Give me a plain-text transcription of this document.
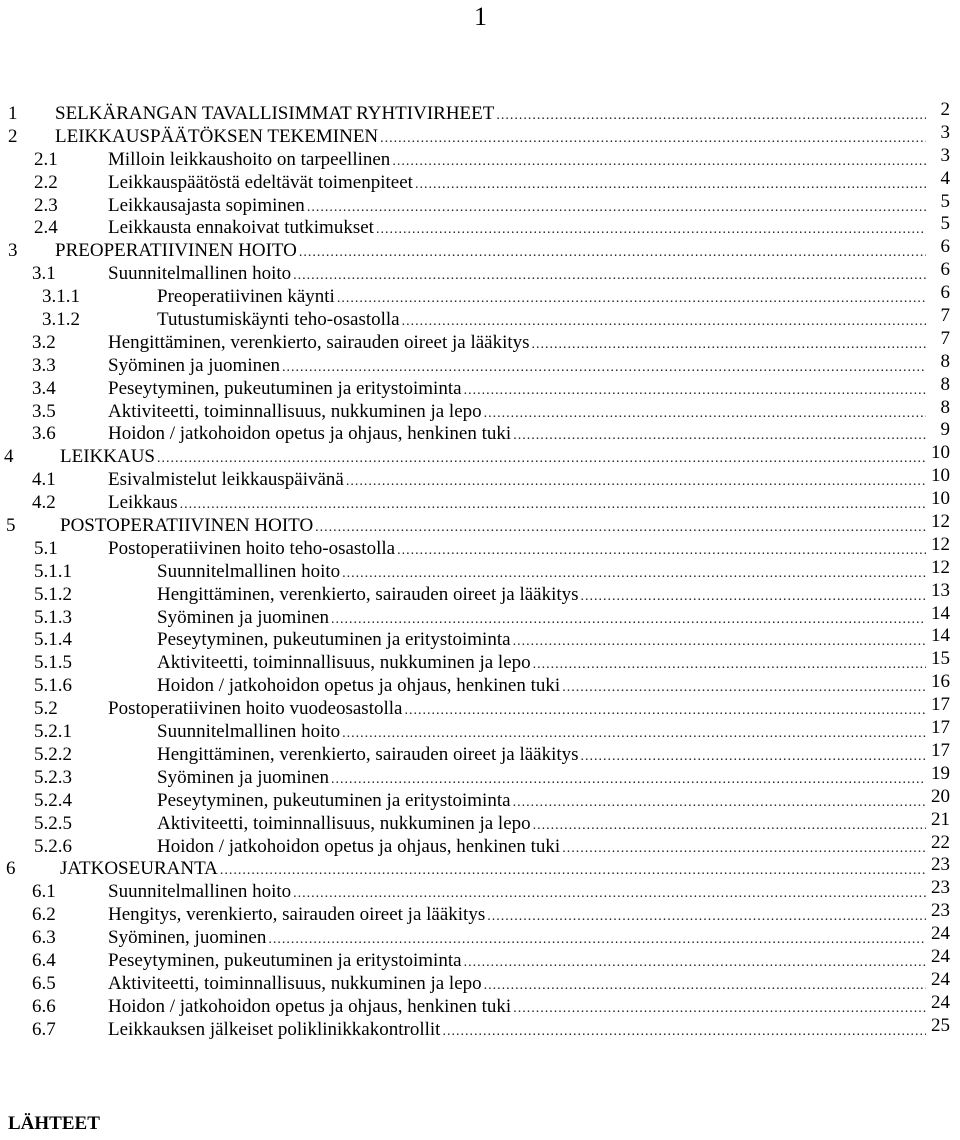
1
1 SELKÄRANGAN TAVALLISIMMAT RYHTIVIRHEET .....	2
2 LEIKKAUSPÄÄTÖKSEN TEKEMINEN .....	3
2.1	Milloin leikkaushoito on tarpeellinen .....	3
2.2	Leikkauspäätöstä edeltävät toimenpiteet .....	4
2.3	Leikkausajasta sopiminen .....	5
2.4	Leikkausta ennakoivat tutkimukset .....	5
3 PREOPERATIIVINEN HOITO .....	6
3.1	Suunnitelmallinen hoito .....	6
3.1.1	Preoperatiivinen käynti .....	6
3.1.2	Tutustumiskäynti teho-osastolla .....	7
3.2	Hengittäminen, verenkierto, sairauden oireet ja lääkitys .....	7
3.3	Syöminen ja juominen .....	8
3.4	Peseytyminen, pukeutuminen ja eritystoiminta .....	8
3.5	Aktiviteetti, toiminnallisuus, nukkuminen ja lepo .....	8
3.6	Hoidon / jatkohoidon opetus ja ohjaus, henkinen tuki .....	9
4 LEIKKAUS .....	10
4.1	Esivalmistelut leikkauspäivänä .....	10
4.2	Leikkaus .....	10
5 POSTOPERATIIVINEN HOITO .....	12
5.1	Postoperatiivinen hoito teho-osastolla .....	12
5.1.1	Suunnitelmallinen hoito .....	12
5.1.2	Hengittäminen, verenkierto, sairauden oireet ja lääkitys .....	13
5.1.3	Syöminen ja juominen .....	14
5.1.4	Peseytyminen, pukeutuminen ja eritystoiminta .....	14
5.1.5	Aktiviteetti, toiminnallisuus, nukkuminen ja lepo .....	15
5.1.6	Hoidon / jatkohoidon opetus ja ohjaus, henkinen tuki .....	16
5.2	Postoperatiivinen hoito vuodeosastolla .....	17
5.2.1	Suunnitelmallinen hoito .....	17
5.2.2	Hengittäminen, verenkierto, sairauden oireet ja lääkitys .....	17
5.2.3	Syöminen ja juominen .....	19
5.2.4	Peseytyminen, pukeutuminen ja eritystoiminta .....	20
5.2.5	Aktiviteetti, toiminnallisuus, nukkuminen ja lepo .....	21
5.2.6	Hoidon / jatkohoidon opetus ja ohjaus, henkinen tuki .....	22
6 JATKOSEURANTA .....	23
6.1	Suunnitelmallinen hoito .....	23
6.2	Hengitys, verenkierto, sairauden oireet ja lääkitys .....	23
6.3	Syöminen, juominen .....	24
6.4	Peseytyminen, pukeutuminen ja eritystoiminta .....	24
6.5	Aktiviteetti, toiminnallisuus, nukkuminen ja lepo .....	24
6.6	Hoidon / jatkohoidon opetus ja ohjaus, henkinen tuki .....	24
6.7	Leikkauksen jälkeiset poliklinikkakontrollit .....	25
LÄHTEET
